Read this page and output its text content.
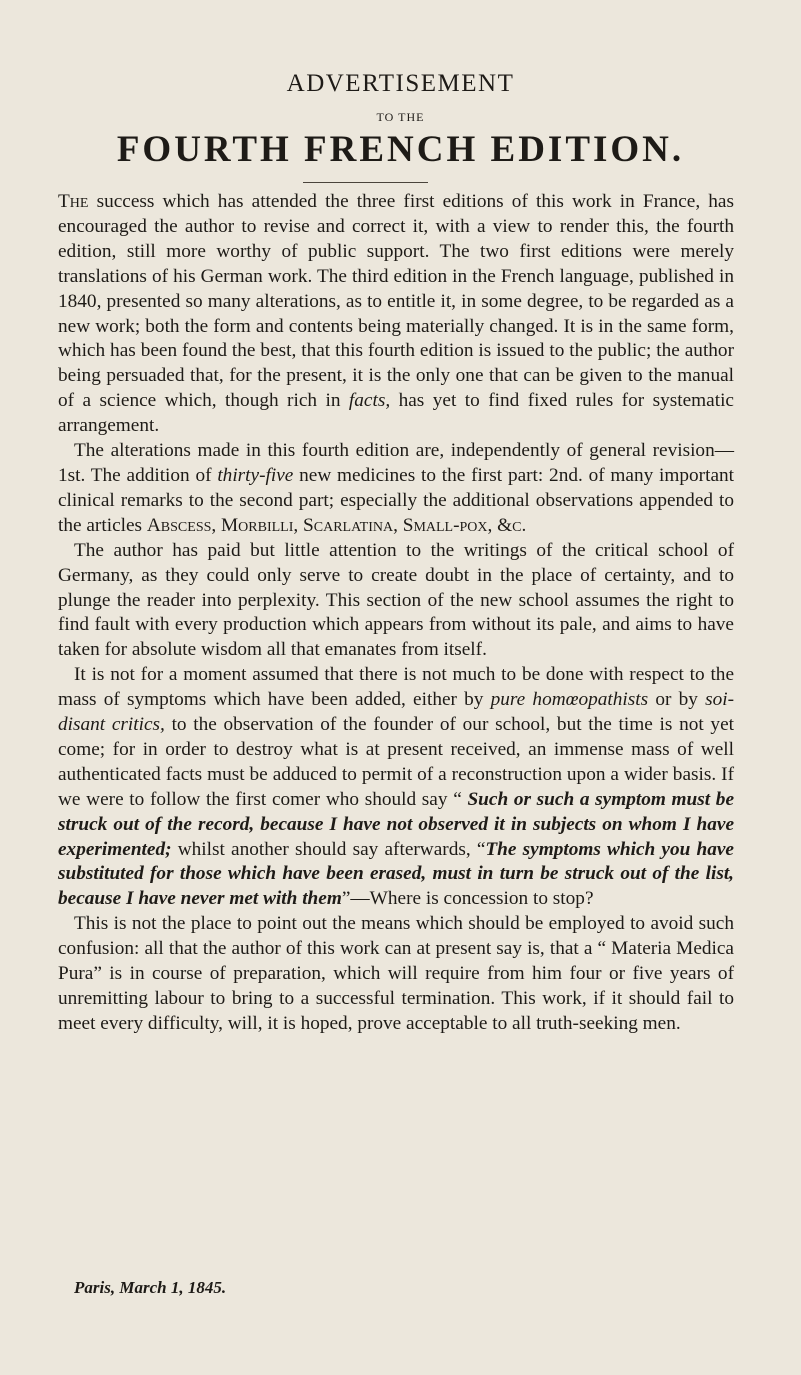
ADVERTISEMENT
TO THE
FOURTH FRENCH EDITION.

The success which has attended the three first editions of this work in France, has encouraged the author to revise and correct it, with a view to render this, the fourth edition, still more worthy of public support. The two first editions were merely translations of his German work. The third edition in the French language, published in 1840, presented so many alterations, as to entitle it, in some degree, to be regarded as a new work; both the form and contents being materially changed. It is in the same form, which has been found the best, that this fourth edition is issued to the public; the author being persuaded that, for the present, it is the only one that can be given to the manual of a science which, though rich in facts, has yet to find fixed rules for systematic arrangement.

The alterations made in this fourth edition are, independently of general revision—1st. The addition of thirty-five new medicines to the first part: 2nd. of many important clinical remarks to the second part; especially the additional observations appended to the articles Abscess, Morbilli, Scarlatina, Small-pox, &c.

The author has paid but little attention to the writings of the critical school of Germany, as they could only serve to create doubt in the place of certainty, and to plunge the reader into perplexity. This section of the new school assumes the right to find fault with every production which appears from without its pale, and aims to have taken for absolute wisdom all that emanates from itself.

It is not for a moment assumed that there is not much to be done with respect to the mass of symptoms which have been added, either by pure homœopathists or by soi-disant critics, to the observation of the founder of our school, but the time is not yet come; for in order to destroy what is at present received, an immense mass of well authenticated facts must be adduced to permit of a reconstruction upon a wider basis. If we were to follow the first comer who should say “ Such or such a symptom must be struck out of the record, because I have not observed it in subjects on whom I have experimented; whilst another should say afterwards, “The symptoms which you have substituted for those which have been erased, must in turn be struck out of the list, because I have never met with them”—Where is concession to stop?

This is not the place to point out the means which should be employed to avoid such confusion: all that the author of this work can at present say is, that a “ Materia Medica Pura” is in course of preparation, which will require from him four or five years of unremitting labour to bring to a successful termination. This work, if it should fail to meet every difficulty, will, it is hoped, prove acceptable to all truth-seeking men.

Paris, March 1, 1845.
